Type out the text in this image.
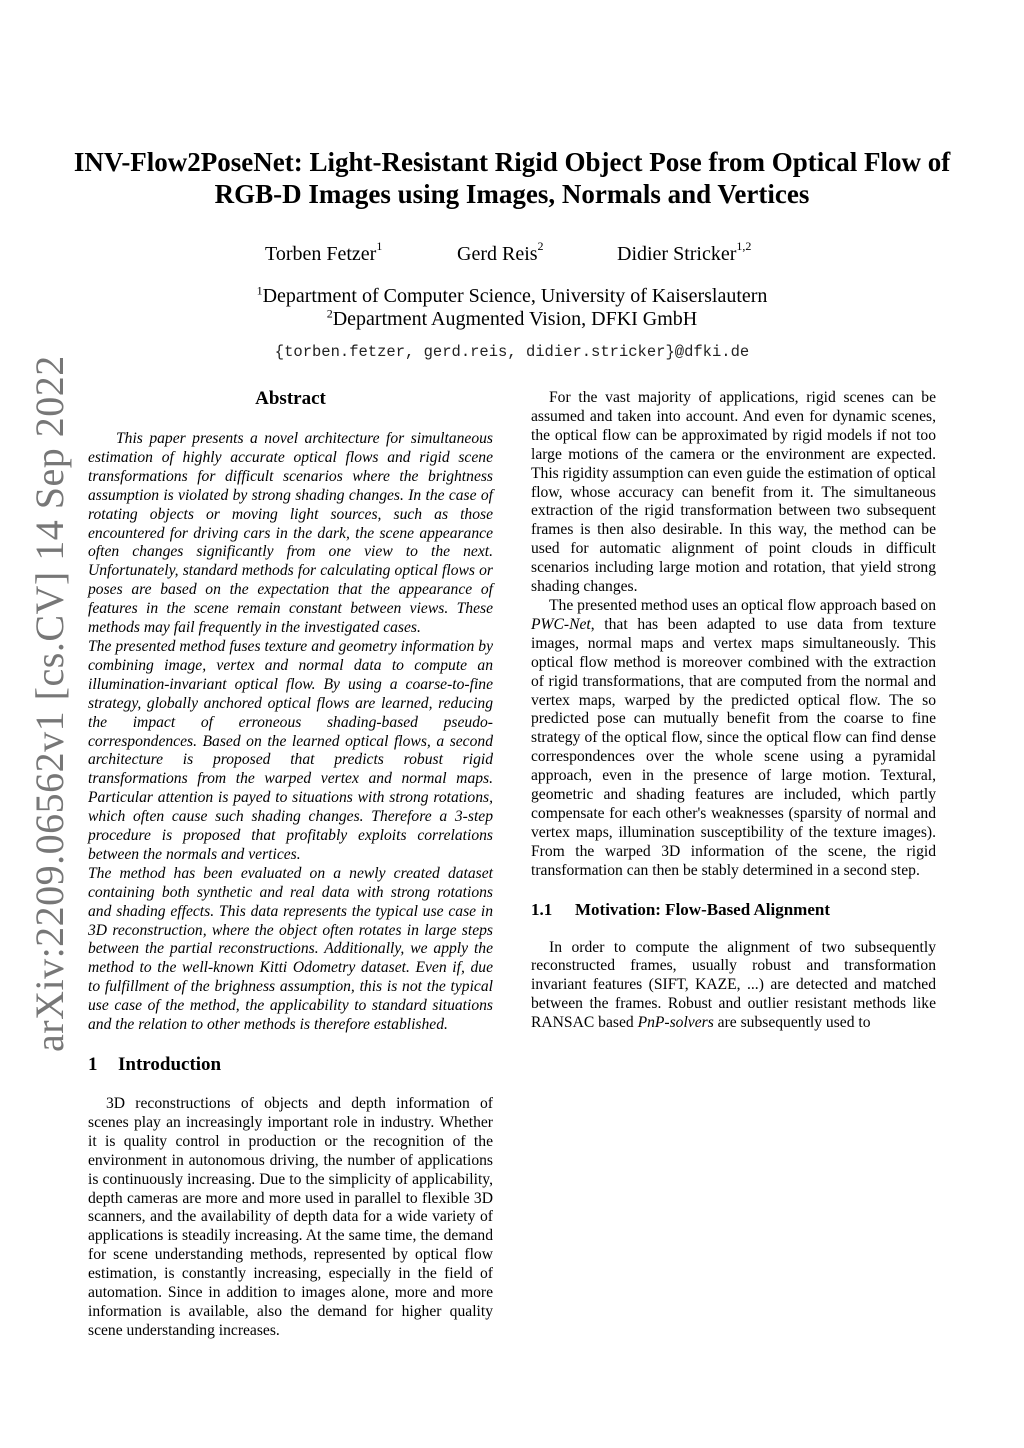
INV-Flow2PoseNet: Light-Resistant Rigid Object Pose from Optical Flow of RGB-D Images using Images, Normals and Vertices
Torben Fetzer$^1$	Gerd Reis$^2$	Didier Stricker$^{1,2}$
$^1$Department of Computer Science, University of Kaiserslautern
$^2$Department Augmented Vision, DFKI GmbH
{torben.fetzer, gerd.reis, didier.stricker}@dfki.de
arXiv:2209.06562v1 [cs.CV] 14 Sep 2022	Abstract

This paper presents a novel architecture for simultaneous estimation of highly accurate optical flows and rigid scene transformations for difficult scenarios where the brightness assumption is violated by strong shading changes. In the case of rotating objects or moving light sources, such as those encountered for driving cars in the dark, the scene appearance often changes significantly from one view to the next. Unfortunately, standard methods for calculating optical flows or poses are based on the expectation that the appearance of features in the scene remain constant between views. These methods may fail frequently in the investigated cases.

The presented method fuses texture and geometry information by combining image, vertex and normal data to compute an illumination-invariant optical flow. By using a coarse-to-fine strategy, globally anchored optical flows are learned, reducing the impact of erroneous shading-based pseudo-correspondences. Based on the learned optical flows, a second architecture is proposed that predicts robust rigid transformations from the warped vertex and normal maps. Particular attention is payed to situations with strong rotations, which often cause such shading changes. Therefore a 3-step procedure is proposed that profitably exploits correlations between the normals and vertices.

The method has been evaluated on a newly created dataset containing both synthetic and real data with strong rotations and shading effects. This data represents the typical use case in 3D reconstruction, where the object often rotates in large steps between the partial reconstructions. Additionally, we apply the method to the well-known Kitti Odometry dataset. Even if, due to fulfillment of the brighness assumption, this is not the typical use case of the method, the applicability to standard situations and the relation to other methods is therefore established.

1 Introduction

3D reconstructions of objects and depth information of scenes play an increasingly important role in industry. Whether it is quality control in production or the recognition of the environment in autonomous driving, the number of applications is continuously increasing. Due to the simplicity of applicability, depth cameras are more and more used in parallel to flexible 3D scanners, and the availability of depth data for a wide variety of applications is steadily increasing. At the same time, the demand for scene understanding methods, represented by optical flow estimation, is constantly increasing, especially in the field of automation. Since in addition to images alone, more and more information is available, also the demand for higher quality scene understanding increases.

For the vast majority of applications, rigid scenes can be assumed and taken into account. And even for dynamic scenes, the optical flow can be approximated by rigid models if not too large motions of the camera or the environment are expected. This rigidity assumption can even guide the estimation of optical flow, whose accuracy can benefit from it. The simultaneous extraction of the rigid transformation between two subsequent frames is then also desirable. In this way, the method can be used for automatic alignment of point clouds in difficult scenarios including large motion and rotation, that yield strong shading changes.

The presented method uses an optical flow approach based on PWC-Net, that has been adapted to use data from texture images, normal maps and vertex maps simultaneously. This optical flow method is moreover combined with the extraction of rigid transformations, that are computed from the normal and vertex maps, warped by the predicted optical flow. The so predicted pose can mutually benefit from the coarse to fine strategy of the optical flow, since the optical flow can find dense correspondences over the whole scene using a pyramidal approach, even in the presence of large motion. Textural, geometric and shading features are included, which partly compensate for each other's weaknesses (sparsity of normal and vertex maps, illumination susceptibility of the texture images). From the warped 3D information of the scene, the rigid transformation can then be stably determined in a second step.

1.1 Motivation: Flow-Based Alignment

In order to compute the alignment of two subsequently reconstructed frames, usually robust and transformation invariant features (SIFT, KAZE, ...) are detected and matched between the frames. Robust and outlier resistant methods like RANSAC based PnP-solvers are subsequently used to
